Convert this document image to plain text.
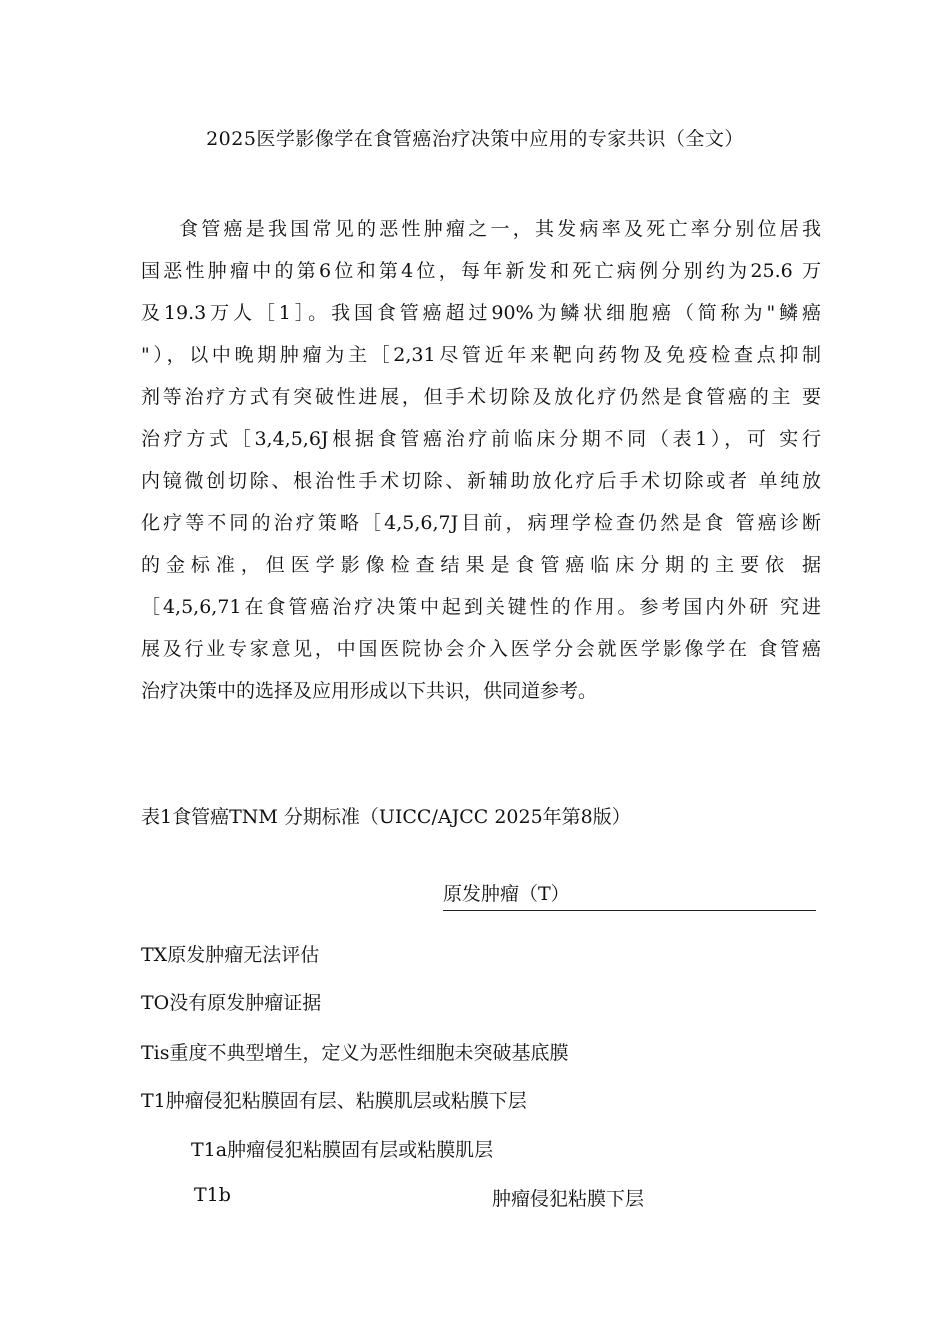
2025医学影像学在食管癌治疗决策中应用的专家共识（全文）
食管癌是我国常见的恶性肿瘤之一，其发病率及死亡率分别位居我
国恶性肿瘤中的第6位和第4位，每年新发和死亡病例分别约为25.6 万
及19.3万人［1］。我国食管癌超过90%为鳞状细胞癌（简称为"鳞癌
"），以中晚期肿瘤为主［2,31尽管近年来靶向药物及免疫检查点抑制
剂等治疗方式有突破性进展，但手术切除及放化疗仍然是食管癌的主 要
治疗方式［3,4,5,6J根据食管癌治疗前临床分期不同（表1），可 实行
内镜微创切除、根治性手术切除、新辅助放化疗后手术切除或者 单纯放
化疗等不同的治疗策略［4,5,6,7J目前，病理学检查仍然是食 管癌诊断
的金标准，但医学影像检查结果是食管癌临床分期的主要依 据
［4,5,6,71在食管癌治疗决策中起到关键性的作用。参考国内外研 究进
展及行业专家意见，中国医院协会介入医学分会就医学影像学在 食管癌
治疗决策中的选择及应用形成以下共识，供同道参考。
表1食管癌TNM 分期标准（UICC/AJCC 2025年第8版）
原发肿瘤（T）
TX原发肿瘤无法评估
TO没有原发肿瘤证据
Tis重度不典型增生，定义为恶性细胞未突破基底膜
T1肿瘤侵犯粘膜固有层、粘膜肌层或粘膜下层
T1a肿瘤侵犯粘膜固有层或粘膜肌层
T1b	肿瘤侵犯粘膜下层
